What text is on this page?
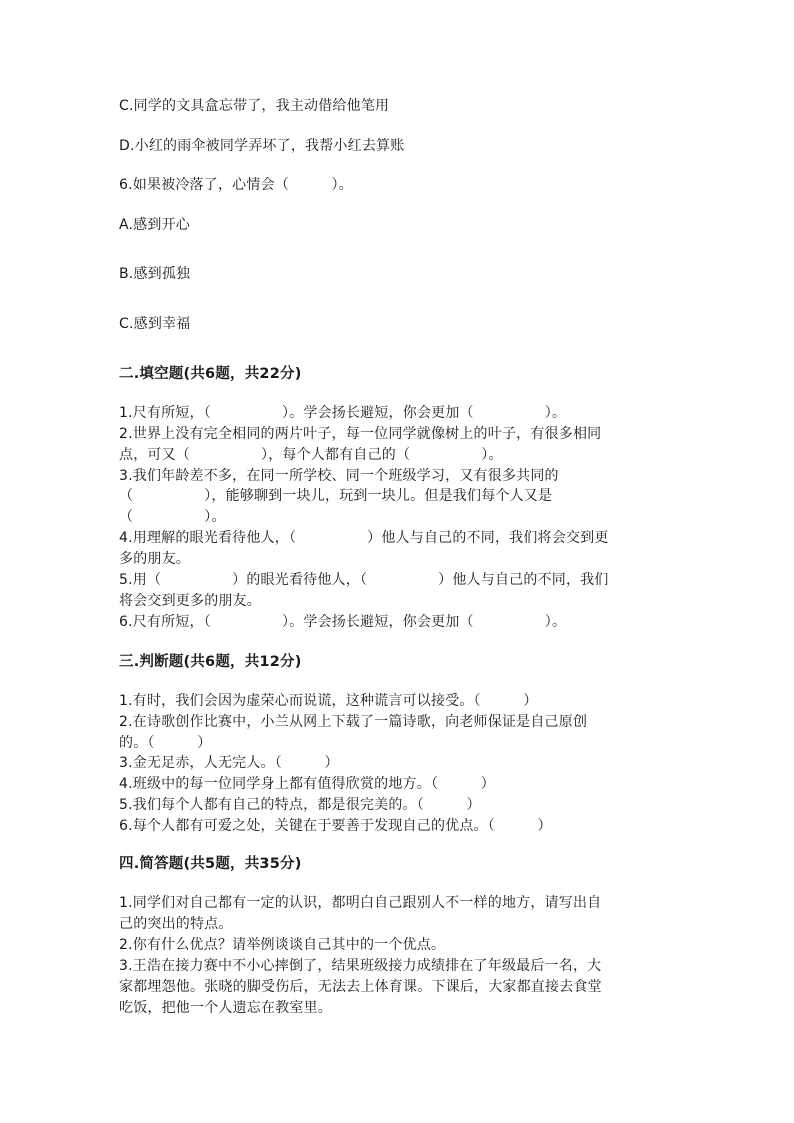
C.同学的文具盒忘带了，我主动借给他笔用
D.小红的雨伞被同学弄坏了，我帮小红去算账
6.如果被冷落了，心情会（　　　）。
A.感到开心
B.感到孤独
C.感到幸福
二.填空题(共6题，共22分)
1.尺有所短，（　　　　　）。学会扬长避短，你会更加（　　　　　）。
2.世界上没有完全相同的两片叶子，每一位同学就像树上的叶子，有很多相同
点，可又（　　　　　），每个人都有自己的（　　　　　）。
3.我们年龄差不多，在同一所学校、同一个班级学习，又有很多共同的
（　　　　　），能够聊到一块儿，玩到一块儿。但是我们每个人又是
（　　　　　）。
4.用理解的眼光看待他人，（　　　　　）他人与自己的不同，我们将会交到更
多的朋友。
5.用（　　　　　）的眼光看待他人，（　　　　　）他人与自己的不同，我们
将会交到更多的朋友。
6.尺有所短，（　　　　　）。学会扬长避短，你会更加（　　　　　）。
三.判断题(共6题，共12分)
1.有时，我们会因为虚荣心而说谎，这种谎言可以接受。（　　　）
2.在诗歌创作比赛中，小兰从网上下载了一篇诗歌，向老师保证是自己原创
的。（　　　）
3.金无足赤，人无完人。（　　　）
4.班级中的每一位同学身上都有值得欣赏的地方。（　　　）
5.我们每个人都有自己的特点，都是很完美的。（　　　）
6.每个人都有可爱之处，关键在于要善于发现自己的优点。（　　　）
四.简答题(共5题，共35分)
1.同学们对自己都有一定的认识，都明白自己跟别人不一样的地方，请写出自
己的突出的特点。
2.你有什么优点？请举例谈谈自己其中的一个优点。
3.王浩在接力赛中不小心摔倒了，结果班级接力成绩排在了年级最后一名，大
家都埋怨他。张晓的脚受伤后，无法去上体育课。下课后，大家都直接去食堂
吃饭，把他一个人遗忘在教室里。
